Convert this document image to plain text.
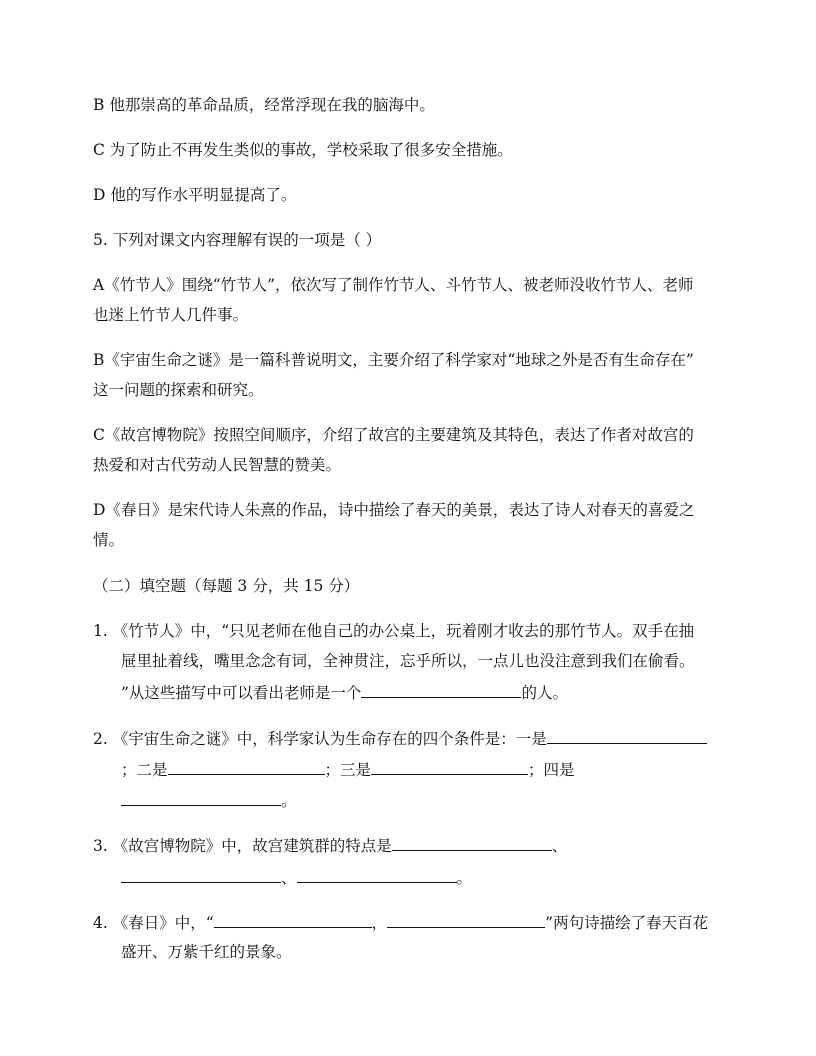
B 他那崇高的革命品质，经常浮现在我的脑海中。
C 为了防止不再发生类似的事故，学校采取了很多安全措施。
D 他的写作水平明显提高了。
5. 下列对课文内容理解有误的一项是（ ）
A《竹节人》围绕“竹节人”，依次写了制作竹节人、斗竹节人、被老师没收竹节人、老师
也迷上竹节人几件事。
B《宇宙生命之谜》是一篇科普说明文，主要介绍了科学家对“地球之外是否有生命存在”
这一问题的探索和研究。
C《故宫博物院》按照空间顺序，介绍了故宫的主要建筑及其特色，表达了作者对故宫的
热爱和对古代劳动人民智慧的赞美。
D《春日》是宋代诗人朱熹的作品，诗中描绘了春天的美景，表达了诗人对春天的喜爱之
情。
（二）填空题（每题 3 分，共 15 分）
1. 《竹节人》中，“只见老师在他自己的办公桌上，玩着刚才收去的那竹节人。双手在抽
屉里扯着线，嘴里念念有词，全神贯注，忘乎所以，一点儿也没注意到我们在偷看。
”从这些描写中可以看出老师是一个	的人。
2. 《宇宙生命之谜》中，科学家认为生命存在的四个条件是：一是
；二是	；三是	；四是
。
3. 《故宫博物院》中，故宫建筑群的特点是	、
、	。
4. 《春日》中，“	，	”两句诗描绘了春天百花
盛开、万紫千红的景象。
